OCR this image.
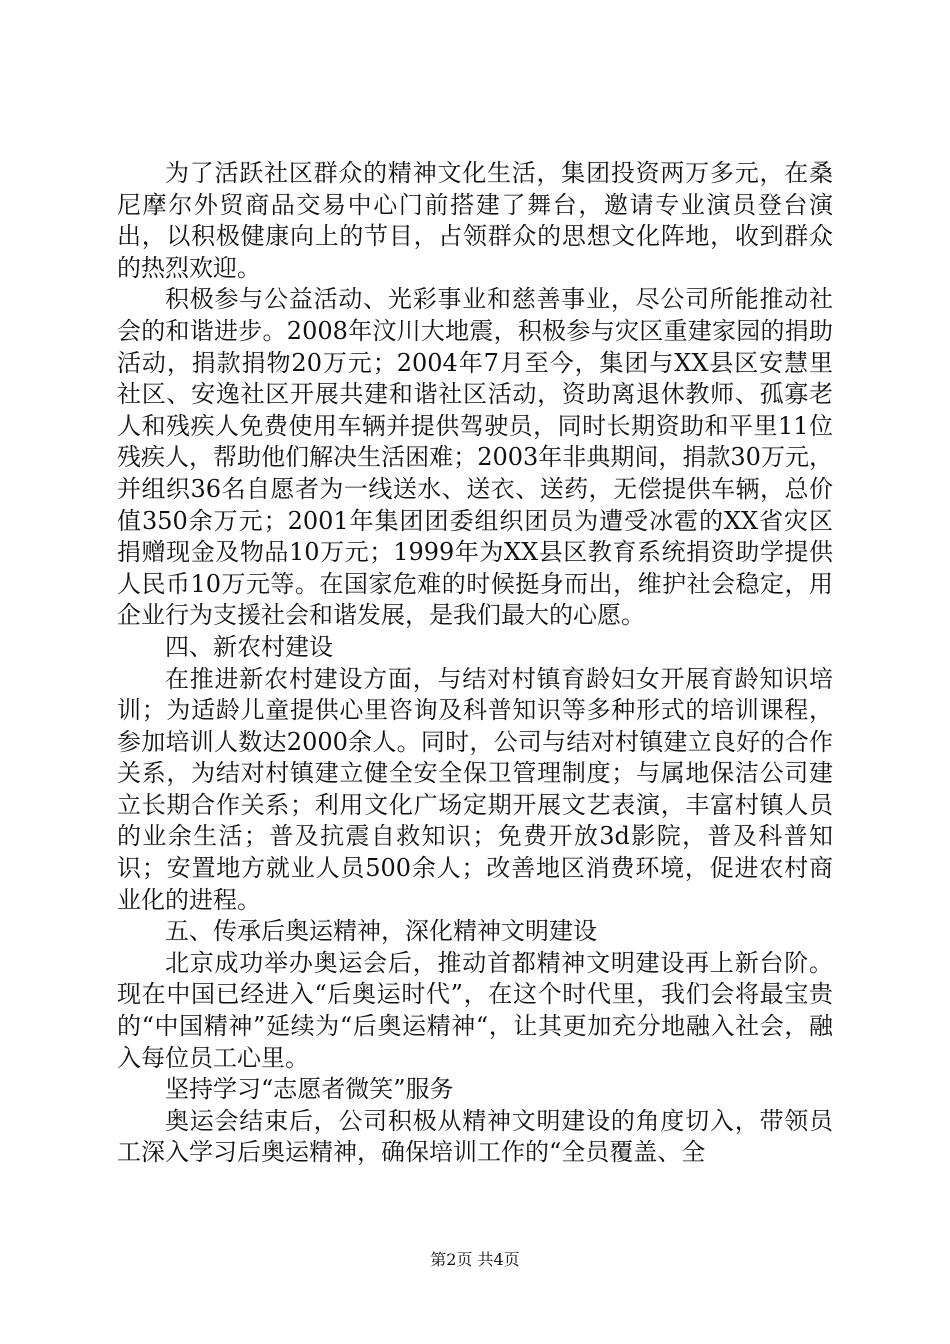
为了活跃社区群众的精神文化生活，集团投资两万多元，在桑尼摩尔外贸商品交易中心门前搭建了舞台，邀请专业演员登台演出，以积极健康向上的节目，占领群众的思想文化阵地，收到群众的热烈欢迎。

积极参与公益活动、光彩事业和慈善事业，尽公司所能推动社会的和谐进步。2008年汶川大地震，积极参与灾区重建家园的捐助活动，捐款捐物20万元；2004年7月至今，集团与XX县区安慧里社区、安逸社区开展共建和谐社区活动，资助离退休教师、孤寡老人和残疾人免费使用车辆并提供驾驶员，同时长期资助和平里11位残疾人，帮助他们解决生活困难；2003年非典期间，捐款30万元，并组织36名自愿者为一线送水、送衣、送药，无偿提供车辆，总价值350余万元；2001年集团团委组织团员为遭受冰雹的XX省灾区捐赠现金及物品10万元；1999年为XX县区教育系统捐资助学提供人民币10万元等。在国家危难的时候挺身而出，维护社会稳定，用企业行为支援社会和谐发展，是我们最大的心愿。

四、新农村建设

在推进新农村建设方面，与结对村镇育龄妇女开展育龄知识培训；为适龄儿童提供心里咨询及科普知识等多种形式的培训课程，参加培训人数达2000余人。同时，公司与结对村镇建立良好的合作关系，为结对村镇建立健全安全保卫管理制度；与属地保洁公司建立长期合作关系；利用文化广场定期开展文艺表演，丰富村镇人员的业余生活；普及抗震自救知识；免费开放3d影院，普及科普知识；安置地方就业人员500余人；改善地区消费环境，促进农村商业化的进程。

五、传承后奥运精神，深化精神文明建设

北京成功举办奥运会后，推动首都精神文明建设再上新台阶。现在中国已经进入“后奥运时代”，在这个时代里，我们会将最宝贵的“中国精神”延续为“后奥运精神“，让其更加充分地融入社会，融入每位员工心里。

坚持学习“志愿者微笑”服务

奥运会结束后，公司积极从精神文明建设的角度切入，带领员工深入学习后奥运精神，确保培训工作的“全员覆盖、全

第2页 共4页
